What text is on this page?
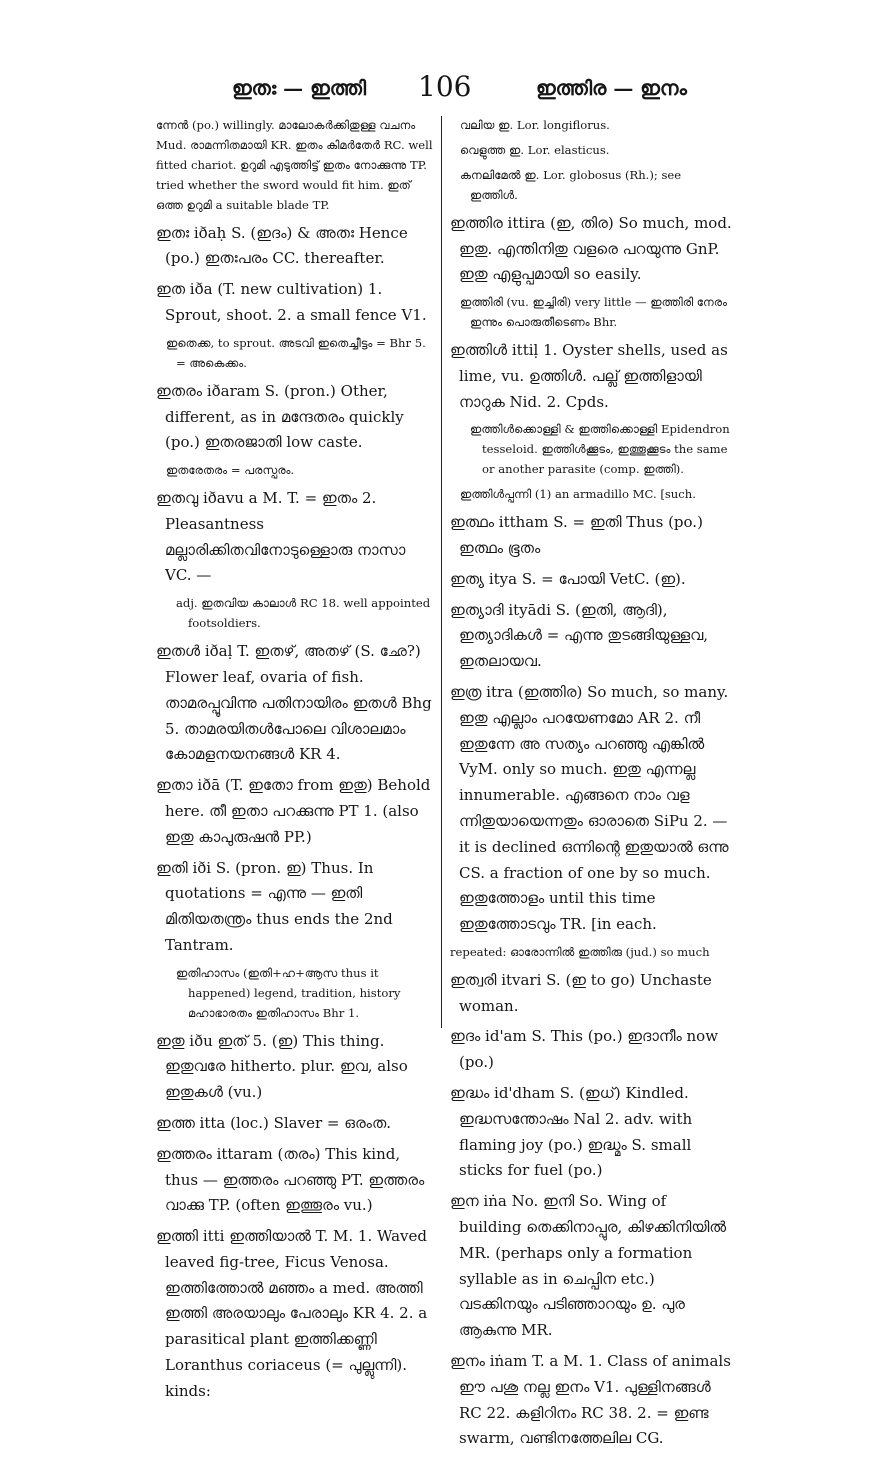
ഇതഃ — ഇത്തി 106	ഇത്തിര — ഇനം

ന്നേൻ (po.) willingly. മാലോകർക്കിതുള്ള വചനം Mud. രാമന്നിതമായി KR. ഇതം കിമർതേർ RC. well fitted chariot. ഉറുമി എടുത്തിട്ട് ഇതം നോക്കുന്നു TP. tried whether the sword would fit him. ഇത് ഒത്ത ഉറുമി a suitable blade TP.

ഇതഃ iðaḥ S. (ഇദം) & അതഃ Hence (po.) ഇതഃപരം CC. thereafter.

ഇത iða (T. new cultivation) 1. Sprout, shoot. 2. a small fence V1.

ഇതെക്ക, to sprout. അടവി ഇതെച്ചീട്ടം = Bhr 5. = അകെക്കം.

ഇതരം iðaram S. (pron.) Other, different, as in മന്ദേതരം quickly (po.) ഇതരജാതി low caste.

ഇതരേതരം = പരസ്പരം.

ഇതവു iðavu a M. T. = ഇതം 2. Pleasantness മല്ലാരിക്കിതവിനോടുള്ളൊരു നാസാ VC. —

adj. ഇതവിയ കാലാൾ RC 18. well appointed footsoldiers.

ഇതൾ iðaḷ T. ഇതഴ്, അതഴ് (S. ഛേ?) Flower leaf, ovaria of fish. താമരപ്പൂവിന്നു പതിനായിരം ഇതൾ Bhg 5. താമരയിതൾപോലെ വിശാലമാം കോമളനയനങ്ങൾ KR 4.

ഇതാ iðā (T. ഇതോ from ഇതു) Behold here. തീ ഇതാ പറക്കുന്നു PT 1. (also ഇതു കാപുരുഷൻ PP.)

ഇതി iði S. (pron. ഇ) Thus. In quotations = എന്നു — ഇതി മിതിയതന്ത്രം thus ends the 2nd Tantram.

ഇതിഹാസം (ഇതി+ഹ+ആസ thus it happened) legend, tradition, history മഹാഭാരതം ഇതിഹാസം Bhr 1.

ഇതു iðu ഇത് 5. (ഇ) This thing. ഇതുവരേ hitherto. plur. ഇവ, also ഇതുകൾ (vu.)

ഇത്ത itta (loc.) Slaver = ഒരംത.

ഇത്തരം ittaram (തരം) This kind, thus — ഇത്തരം പറഞ്ഞു PT. ഇത്തരം വാക്കു TP. (often ഇത്തൂരം vu.)

ഇത്തി itti ഇത്തിയാൽ T. M. 1. Waved leaved fig-tree, Ficus Venosa. ഇത്തിത്തോൽ മഞ്ഞം a med. അത്തി ഇത്തി അരയാലും പേരാലും KR 4. 2. a parasitical plant ഇത്തിക്കണ്ണി Loranthus coriaceus (= പുല്ലുന്നി). kinds:

വലിയ ഇ. Lor. longiflorus.

വെളുത്ത ഇ. Lor. elasticus.

കനലിമേൽ ഇ. Lor. globosus (Rh.); see ഇത്തിൾ.

ഇത്തിര ittira (ഇ, തിര) So much, mod. ഇതു. എന്തിനിതു വളരെ പറയുന്നു GnP. ഇതു എളുപ്പമായി so easily.

ഇത്തിരി (vu. ഇച്ചിരി) very little — ഇത്തിരി നേരം ഇന്നും പൊരുതീടെണം Bhr.

ഇത്തിൾ ittiḷ 1. Oyster shells, used as lime, vu. ഉത്തിൾ. പല്ല് ഇത്തിളായി നാറുക Nid. 2. Cpds.

ഇത്തിൾക്കൊള്ളി & ഇത്തിക്കൊള്ളി Epidendron tesseloid. ഇത്തിൾക്കൂടം, ഇത്തൂക്കൂടം the same or another parasite (comp. ഇത്തി).

ഇത്തിൾപ്പന്നി (1) an armadillo MC. [such.

ഇത്ഥം ittham S. = ഇതി Thus (po.) ഇത്ഥം ഭൂതം

ഇത്യ itya S. = പോയി VetC. (ഇ).

ഇത്യാദി ityādi S. (ഇതി, ആദി), ഇത്യാദികൾ = എന്നു തുടങ്ങിയുള്ളവ, ഇതലായവ.

ഇത്ര itra (ഇത്തിര) So much, so many. ഇതു എല്ലാം പറയേണമോ AR 2. നീ ഇതുന്നേ അ സത്യം പറഞ്ഞു എങ്കിൽ VyM. only so much. ഇതു എന്നല്ല innumerable. എങ്ങനെ നാം വള ന്നിതുയായെന്നതും ഓരാതെ SiPu 2. — it is declined ഒന്നിന്റെ ഇതുയാൽ ഒന്നു CS. a fraction of one by so much. ഇതുത്തോളം until this time ഇതുത്തോടവും TR. [in each.

repeated: ഓരോന്നിൽ ഇത്തിരു (jud.) so much

ഇത്വരി itvari S. (ഇ to go) Unchaste woman.

ഇദം id'am S. This (po.) ഇദാനീം now (po.)

ഇദ്ധം id'dham S. (ഇധ്) Kindled. ഇദ്ധസന്തോഷം Nal 2. adv. with flaming joy (po.) ഇദ്ധ്മം S. small sticks for fuel (po.)

ഇന iṅa No. ഇനി So. Wing of building തെക്കിനാപ്പുര, കിഴക്കിനിയിൽ MR. (perhaps only a formation syllable as in ചെപ്പിന etc.) വടക്കിനയും പടിഞ്ഞാറയും ഉ. പുര ആകുന്നു MR.

ഇനം iṅam T. a M. 1. Class of animals ഈ പശു നല്ല ഇനം V1. പുള്ളിനങ്ങൾ RC 22. കളിറിനം RC 38. 2. = ഇണ്ട swarm, വണ്ടിനത്തേലില CG.
